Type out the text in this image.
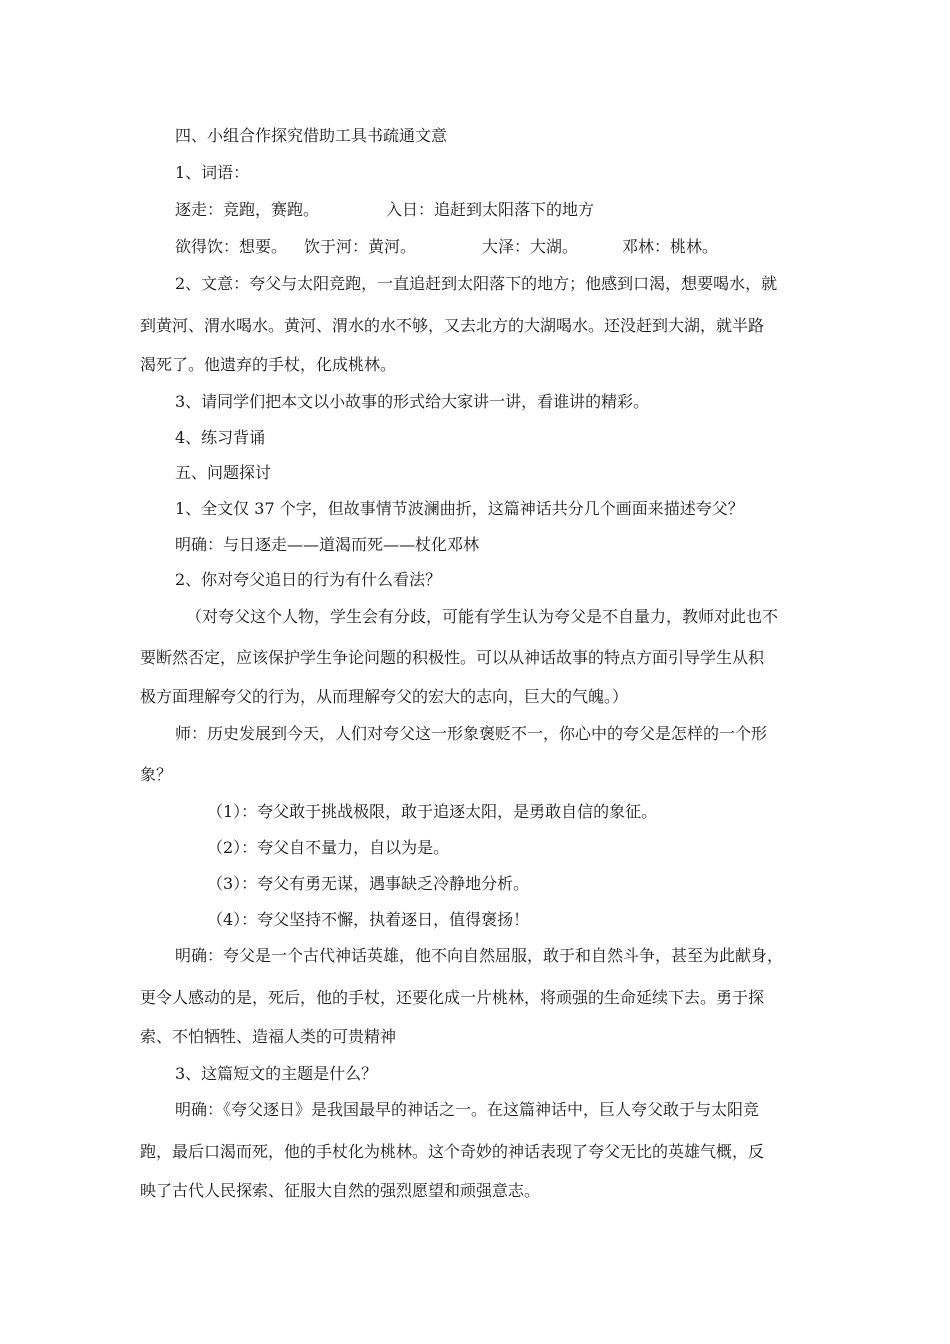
四、小组合作探究借助工具书疏通文意
1、词语：
逐走：竞跑，赛跑。	入日：追赶到太阳落下的地方
欲得饮：想要。 饮于河：黄河。	大泽：大湖。	邓林：桃林。
2、文意：夸父与太阳竞跑，一直追赶到太阳落下的地方；他感到口渴，想要喝水，就
到黄河、渭水喝水。黄河、渭水的水不够，又去北方的大湖喝水。还没赶到大湖，就半路
渴死了。他遗弃的手杖，化成桃林。
3、请同学们把本文以小故事的形式给大家讲一讲，看谁讲的精彩。
4、练习背诵
五、问题探讨
1、全文仅 37 个字，但故事情节波澜曲折，这篇神话共分几个画面来描述夸父？
明确：与日逐走——道渴而死——杖化邓林
2、你对夸父追日的行为有什么看法？
（对夸父这个人物，学生会有分歧，可能有学生认为夸父是不自量力，教师对此也不
要断然否定，应该保护学生争论问题的积极性。可以从神话故事的特点方面引导学生从积
极方面理解夸父的行为，从而理解夸父的宏大的志向，巨大的气魄。）
师：历史发展到今天，人们对夸父这一形象褒贬不一，你心中的夸父是怎样的一个形
象？
（1）：夸父敢于挑战极限，敢于追逐太阳，是勇敢自信的象征。
（2）：夸父自不量力，自以为是。
（3）：夸父有勇无谋，遇事缺乏冷静地分析。
（4）：夸父坚持不懈，执着逐日，值得褒扬！
明确：夸父是一个古代神话英雄，他不向自然屈服，敢于和自然斗争，甚至为此献身，
更令人感动的是，死后，他的手杖，还要化成一片桃林，将顽强的生命延续下去。勇于探
索、不怕牺牲、造福人类的可贵精神
3、这篇短文的主题是什么？
明确：《夸父逐日》是我国最早的神话之一。在这篇神话中，巨人夸父敢于与太阳竞
跑，最后口渴而死，他的手杖化为桃林。这个奇妙的神话表现了夸父无比的英雄气概，反
映了古代人民探索、征服大自然的强烈愿望和顽强意志。
